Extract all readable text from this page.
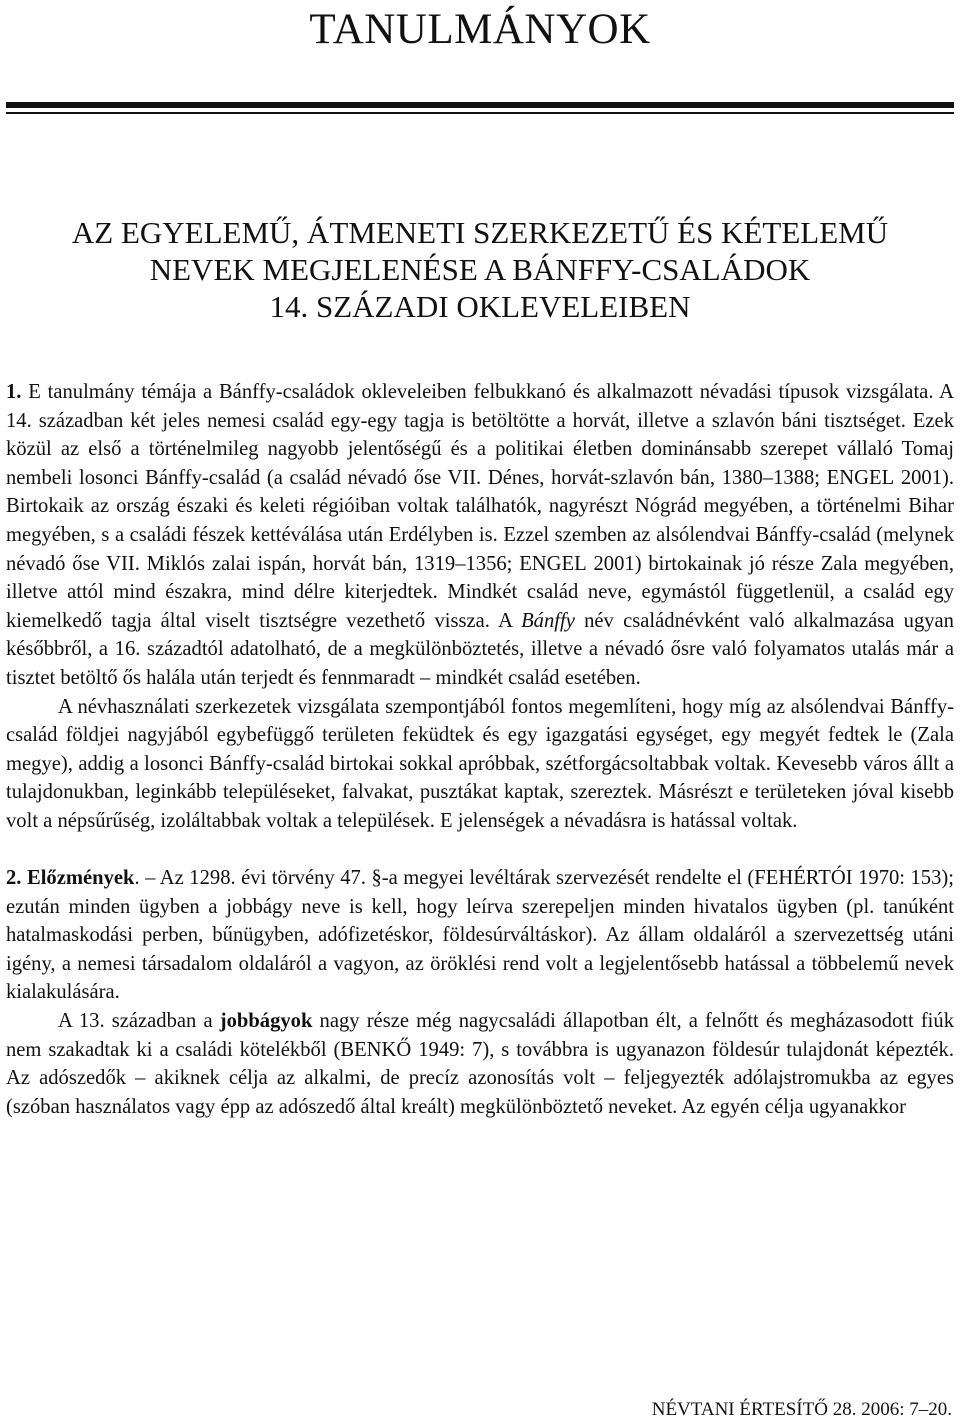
TANULMÁNYOK
AZ EGYELEMŰ, ÁTMENETI SZERKEZETŰ ÉS KÉTELEMŰ
NEVEK MEGJELENÉSE A BÁNFFY-CSALÁDOK
14. SZÁZADI OKLEVELEIBEN

1. E tanulmány témája a Bánffy-családok okleveleiben felbukkanó és alkalmazott névadási típusok vizsgálata. A 14. században két jeles nemesi család egy-egy tagja is betöltötte a horvát, illetve a szlavón báni tisztséget. Ezek közül az első a történelmileg nagyobb jelentőségű és a politikai életben dominánsabb szerepet vállaló Tomaj nembeli losonci Bánffy-család (a család névadó őse VII. Dénes, horvát-szlavón bán, 1380–1388; ENGEL 2001). Birtokaik az ország északi és keleti régióiban voltak találhatók, nagyrészt Nógrád megyében, a történelmi Bihar megyében, s a családi fészek kettéválása után Erdélyben is. Ezzel szemben az alsólendvai Bánffy-család (melynek névadó őse VII. Miklós zalai ispán, horvát bán, 1319–1356; ENGEL 2001) birtokainak jó része Zala megyében, illetve attól mind északra, mind délre kiterjedtek. Mindkét család neve, egymástól függetlenül, a család egy kiemelkedő tagja által viselt tisztségre vezethető vissza. A Bánffy név családnévként való alkalmazása ugyan későbbről, a 16. századtól adatolható, de a megkülönböztetés, illetve a névadó ősre való folyamatos utalás már a tisztet betöltő ős halála után terjedt és fennmaradt – mindkét család esetében.

A névhasználati szerkezetek vizsgálata szempontjából fontos megemlíteni, hogy míg az alsólendvai Bánffy-család földjei nagyjából egybefüggő területen feküdtek és egy igazgatási egységet, egy megyét fedtek le (Zala megye), addig a losonci Bánffy-család birtokai sokkal apróbbak, szétforgácsoltabbak voltak. Kevesebb város állt a tulajdonukban, leginkább településeket, falvakat, pusztákat kaptak, szereztek. Másrészt e területeken jóval kisebb volt a népsűrűség, izoláltabbak voltak a települések. E jelenségek a névadásra is hatással voltak.

2. Előzmények. – Az 1298. évi törvény 47. §-a megyei levéltárak szervezését rendelte el (FEHÉRTÓI 1970: 153); ezután minden ügyben a jobbágy neve is kell, hogy leírva szerepeljen minden hivatalos ügyben (pl. tanúként hatalmaskodási perben, bűnügyben, adófizetéskor, földesúrváltáskor). Az állam oldaláról a szervezettség utáni igény, a nemesi társadalom oldaláról a vagyon, az öröklési rend volt a legjelentősebb hatással a többelemű nevek kialakulására.

A 13. században a jobbágyok nagy része még nagycsaládi állapotban élt, a felnőtt és megházasodott fiúk nem szakadtak ki a családi kötelékből (BENKŐ 1949: 7), s továbbra is ugyanazon földesúr tulajdonát képezték. Az adószedők – akiknek célja az alkalmi, de precíz azonosítás volt – feljegyezték adólajstromukba az egyes (szóban használatos vagy épp az adószedő által kreált) megkülönböztető neveket. Az egyén célja ugyanakkor

NÉVTANI ÉRTESÍTŐ 28. 2006: 7–20.
